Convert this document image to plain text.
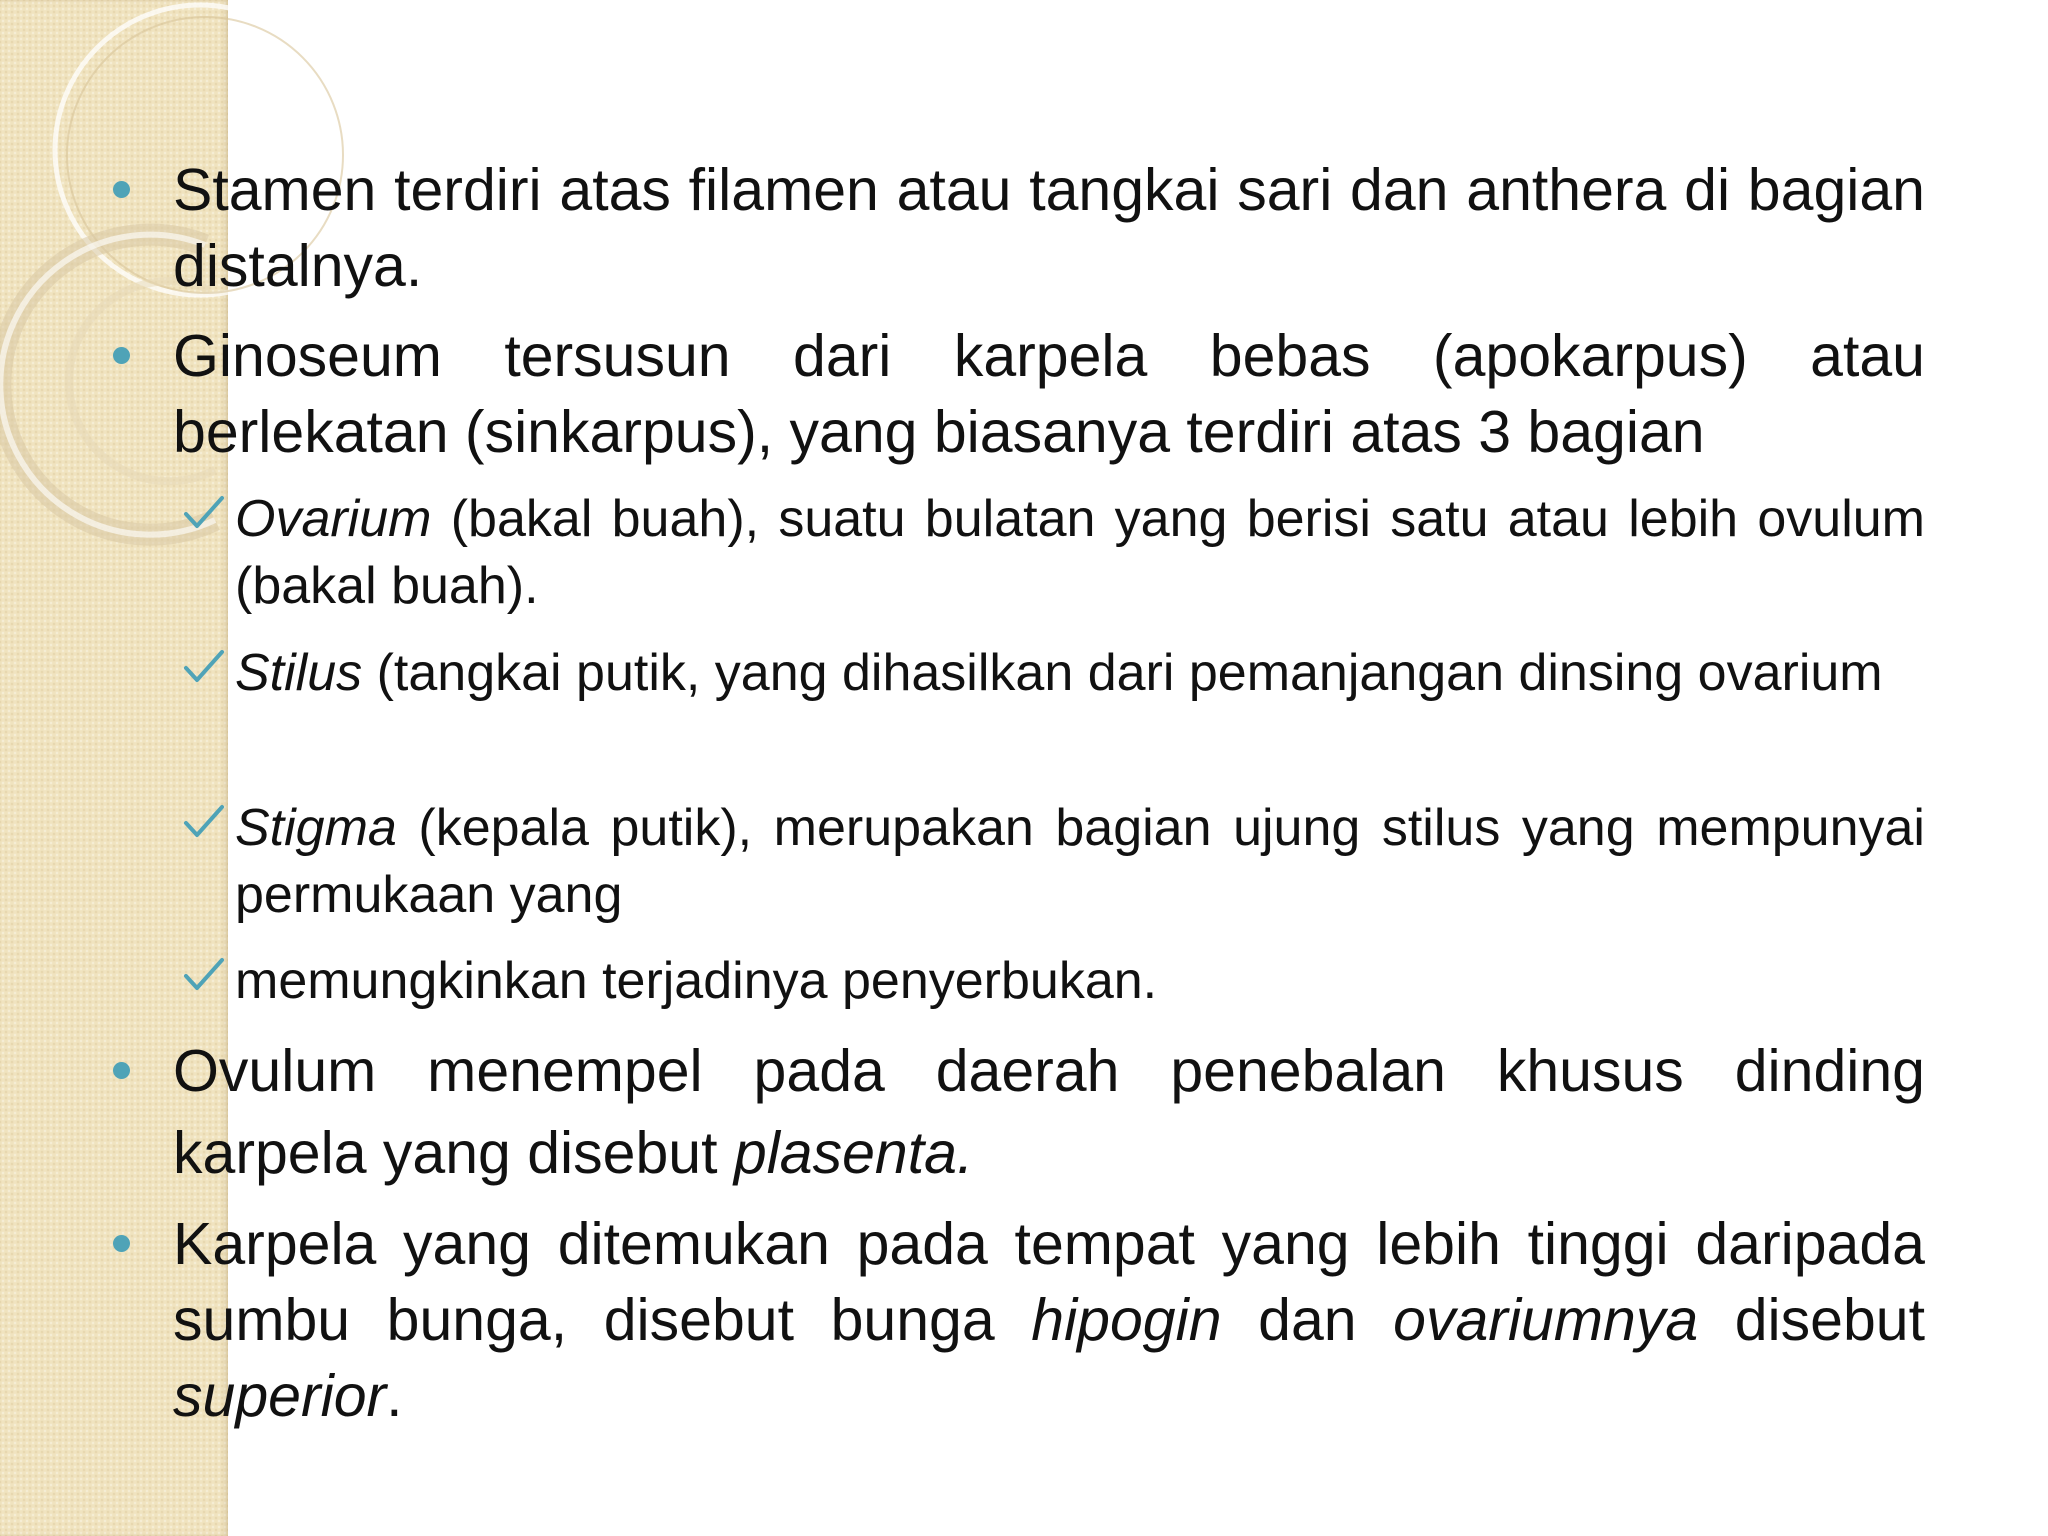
Stamen terdiri atas filamen atau tangkai sari dan anthera di bagian distalnya.
Ginoseum tersusun dari karpela bebas (apokarpus) atau berlekatan (sinkarpus), yang biasanya terdiri atas 3 bagian
Ovarium (bakal buah), suatu bulatan yang berisi satu atau lebih ovulum (bakal buah).
Stilus (tangkai putik, yang dihasilkan dari pemanjangan dinsing ovarium
Stigma (kepala putik), merupakan bagian ujung stilus yang mempunyai permukaan yang
memungkinkan terjadinya penyerbukan.
Ovulum menempel pada daerah penebalan khusus dinding karpela yang disebut plasenta.
Karpela yang ditemukan pada tempat yang lebih tinggi daripada sumbu bunga, disebut bunga hipogin dan ovariumnya disebut superior.
